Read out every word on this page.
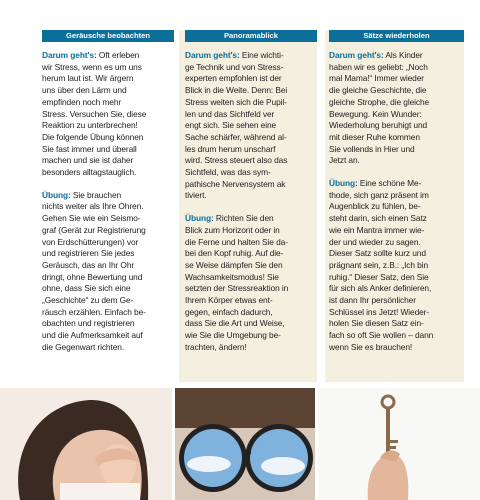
Geräusche beobachten
Darum geht's: Oft erleben
wir Stress, wenn es um uns
herum laut ist. Wir ärgern
uns über den Lärm und
empfinden noch mehr
Stress. Versuchen Sie, diese
Reaktion zu unterbrechen!
Die folgende Übung können
Sie fast immer und überall
machen und sie ist daher
besonders alltagstauglich.
Übung: Sie brauchen
nichts weiter als Ihre Ohren.
Gehen Sie wie ein Seismo-
graf (Gerät zur Registrierung
von Erdschütterungen) vor
und registrieren Sie jedes
Geräusch, das an Ihr Ohr
dringt, ohne Bewertung und
ohne, dass Sie sich eine
„Geschichte“ zu dem Ge-
räusch erzählen. Einfach be-
obachten und registrieren
und die Aufmerksamkeit auf
die Gegenwart richten.
Panoramablick
Darum geht's: Eine wichti-
ge Technik und von Stress-
experten empfohlen ist der
Blick in die Weite. Denn: Bei
Stress weiten sich die Pupil-
len und das Sichtfeld ver
engt sich. Sie sehen eine
Sache schärfer, während al-
les drum herum unscharf
wird. Stress steuert also das
Sichtfeld, was das sym-
pathische Nervensystem ak
tiviert.
Übung: Richten Sie den
Blick zum Horizont oder in
die Ferne und halten Sie da-
bei den Kopf ruhig. Auf die-
se Weise dämpfen Sie den
Wachsamkeitsmodus! Sie
setzten der Stressreaktion in
Ihrem Körper etwas ent-
gegen, einfach dadurch,
dass Sie die Art und Weise,
wie Sie die Umgebung be-
trachten, ändern!
Sätze wiederholen
Darum geht's: Als Kinder
haben wir es geliebt: „Noch
mal Mama!“ Immer wieder
die gleiche Geschichte, die
gleiche Strophe, die gleiche
Bewegung. Kein Wunder:
Wiederholung beruhigt und
mit dieser Ruhe kommen
Sie vollends in Hier und
Jetzt an.
Übung: Eine schöne Me-
thode, sich ganz präsent im
Augenblick zu fühlen, be-
steht darin, sich einen Satz
wie ein Mantra immer wie-
der und wieder zu sagen.
Dieser Satz sollte kurz und
prägnant sein, z.B.: „Ich bin
ruhig.“ Dieser Satz, den Sie
für sich als Anker definieren,
ist dann Ihr persönlicher
Schlüssel ins Jetzt! Wieder-
holen Sie diesen Satz ein-
fach so oft Sie wollen – dann
wenn Sie es brauchen!
